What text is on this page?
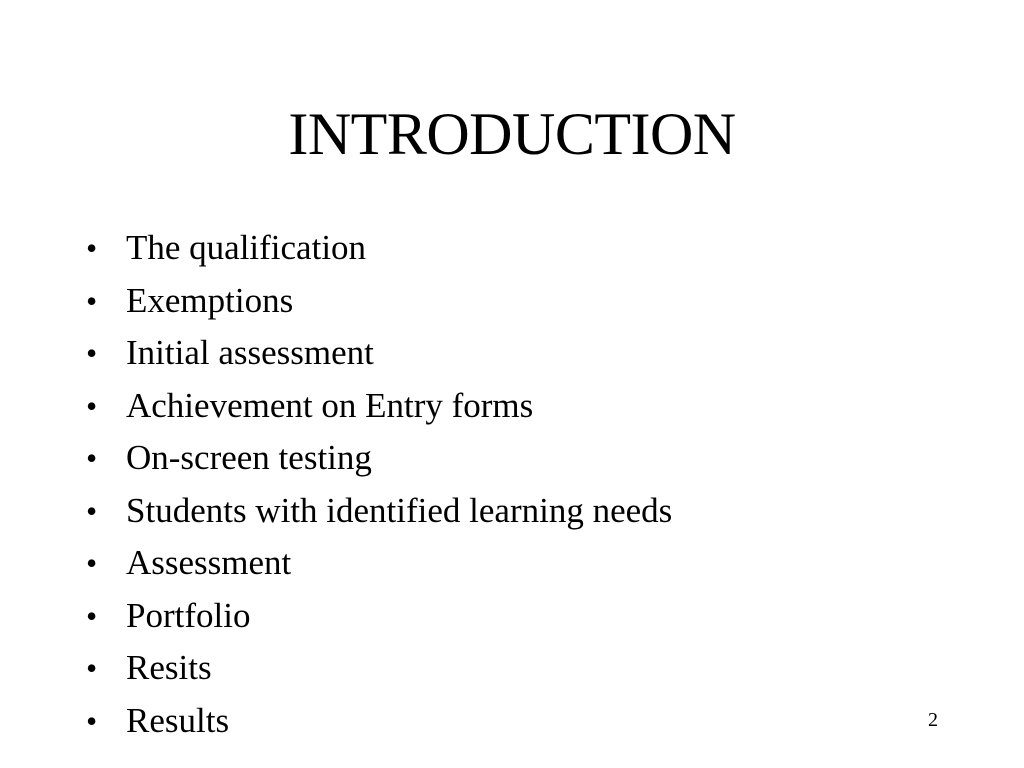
INTRODUCTION
• The qualification
• Exemptions
• Initial assessment
• Achievement on Entry forms
• On-screen testing
• Students with identified learning needs
• Assessment
• Portfolio
• Resits
• Results	2
